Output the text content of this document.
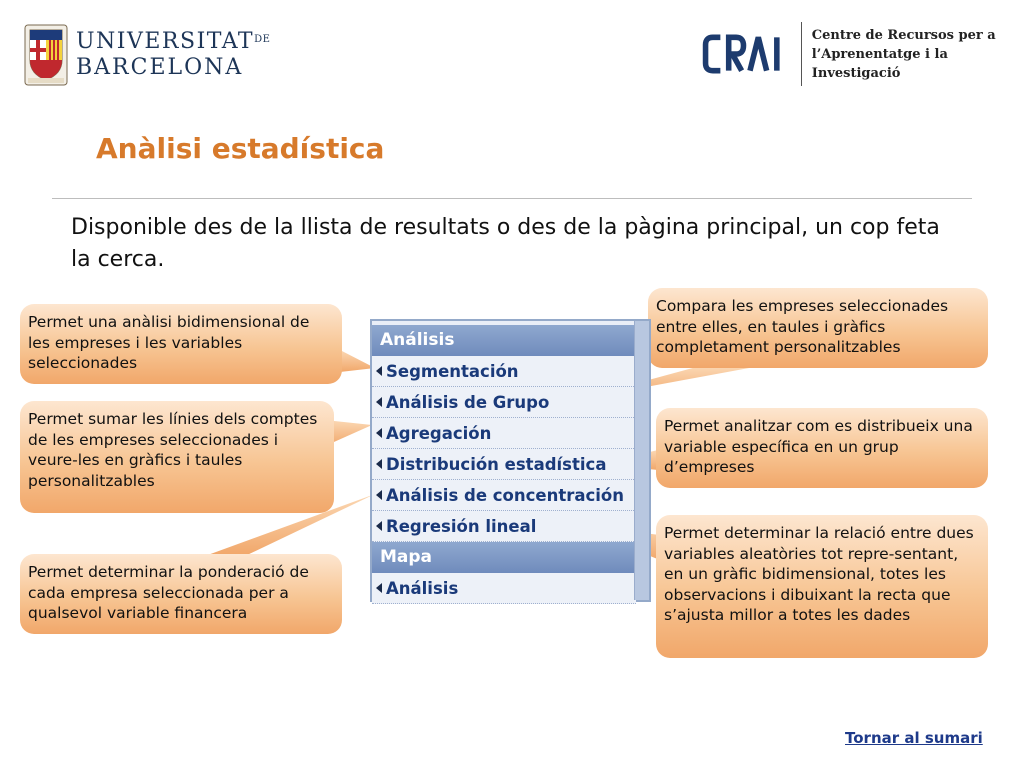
$UNIVERSITAT^{DE}$
BARCELONA
Centre de Recursos per a
l’Aprenentatge i la Investigació
Anàlisi estadística

Disponible des de la llista de resultats o des de la pàgina principal, un cop feta la cerca.

Permet una anàlisi bidimensional de les empreses i les variables seleccionades
Permet sumar les línies dels comptes de les empreses seleccionades i veure-les en gràfics i taules personalitzables
Permet determinar la ponderació de cada empresa seleccionada per a qualsevol variable financera
Compara les empreses seleccionades entre elles, en taules i gràfics completament personalitzables
Permet analitzar com es distribueix una variable específica en un grup d’empreses
Permet determinar la relació entre dues variables aleatòries tot repre-sentant, en un gràfic bidimensional, totes les observacions i dibuixant la recta que s’ajusta millor a totes les dades
Análisis
Segmentación
Análisis de Grupo
Agregación
Distribución estadística
Análisis de concentración
Regresión lineal
Mapa
Análisis
Tornar al sumari
